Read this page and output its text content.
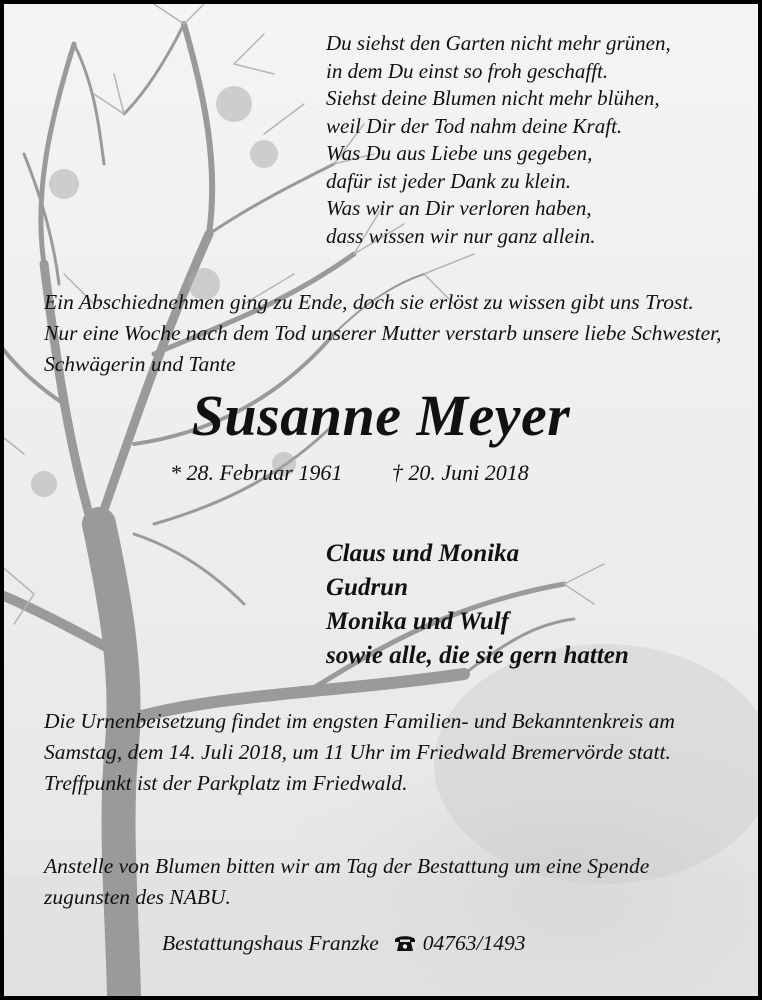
Du siehst den Garten nicht mehr grünen,
in dem Du einst so froh geschafft.
Siehst deine Blumen nicht mehr blühen,
weil Dir der Tod nahm deine Kraft.
Was Du aus Liebe uns gegeben,
dafür ist jeder Dank zu klein.
Was wir an Dir verloren haben,
dass wissen wir nur ganz allein.
Ein Abschiednehmen ging zu Ende, doch sie erlöst zu wissen gibt uns Trost. Nur eine Woche nach dem Tod unserer Mutter verstarb unsere liebe Schwester, Schwägerin und Tante
Susanne Meyer
* 28. Februar 1961 † 20. Juni 2018
Claus und Monika
Gudrun
Monika und Wulf
sowie alle, die sie gern hatten
Die Urnenbeisetzung findet im engsten Familien- und Bekanntenkreis am Samstag, dem 14. Juli 2018, um 11 Uhr im Friedwald Bremervörde statt. Treffpunkt ist der Parkplatz im Friedwald.
Anstelle von Blumen bitten wir am Tag der Bestattung um eine Spende zugunsten des NABU.
Bestattungshaus Franzke 04763/1493
